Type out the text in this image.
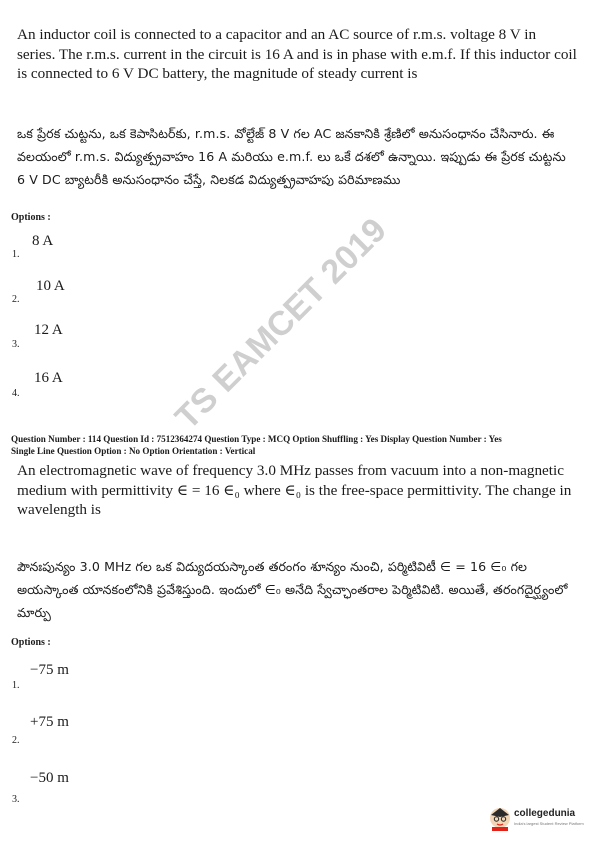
An inductor coil is connected to a capacitor and an AC source of r.m.s. voltage 8 V in series. The r.m.s. current in the circuit is 16 A and is in phase with e.m.f. If this inductor coil is connected to 6 V DC battery, the magnitude of steady current is
ఒక ప్రేరక చుట్టను, ఒక కెపాసిటర్‌కు, r.m.s. వోల్టేజ్ 8 V గల AC జనకానికి శ్రేణిలో అనుసంధానం చేసినారు. ఈ వలయంలో r.m.s. విద్యుత్ప్రవాహం 16 A మరియు e.m.f. లు ఒకే దశలో ఉన్నాయి. ఇప్పుడు ఈ ప్రేరక చుట్టను 6 V DC బ్యాటరీకి అనుసంధానం చేస్తే, నిలకడ విద్యుత్ప్రవాహపు పరిమాణము
Options :
8 A
1.
10 A
2.
12 A
3.
16 A
4.
Question Number : 114 Question Id : 7512364274 Question Type : MCQ Option Shuffling : Yes Display Question Number : Yes
Single Line Question Option : No Option Orientation : Vertical
An electromagnetic wave of frequency 3.0 MHz passes from vacuum into a non-magnetic medium with permittivity ∈ = 16 ∈₀ where ∈₀ is the free-space permittivity. The change in wavelength is
పౌనఃపున్యం 3.0 MHz గల ఒక విద్యుదయస్కాంత తరంగం శూన్యం నుంచి, పర్మిటివిటీ ∈ = 16 ∈₀ గల అయస్కాంత యానకంలోనికి ప్రవేశిస్తుంది. ఇందులో ∈₀ అనేది స్వేచ్ఛాంతరాల పెర్మిటివిటి. అయితే, తరంగదైర్ఘ్యంలో మార్పు
Options :
−75 m
1.
+75 m
2.
−50 m
3.
TS EAMCET 2019
collegedunia
India's largest Student Review Platform
